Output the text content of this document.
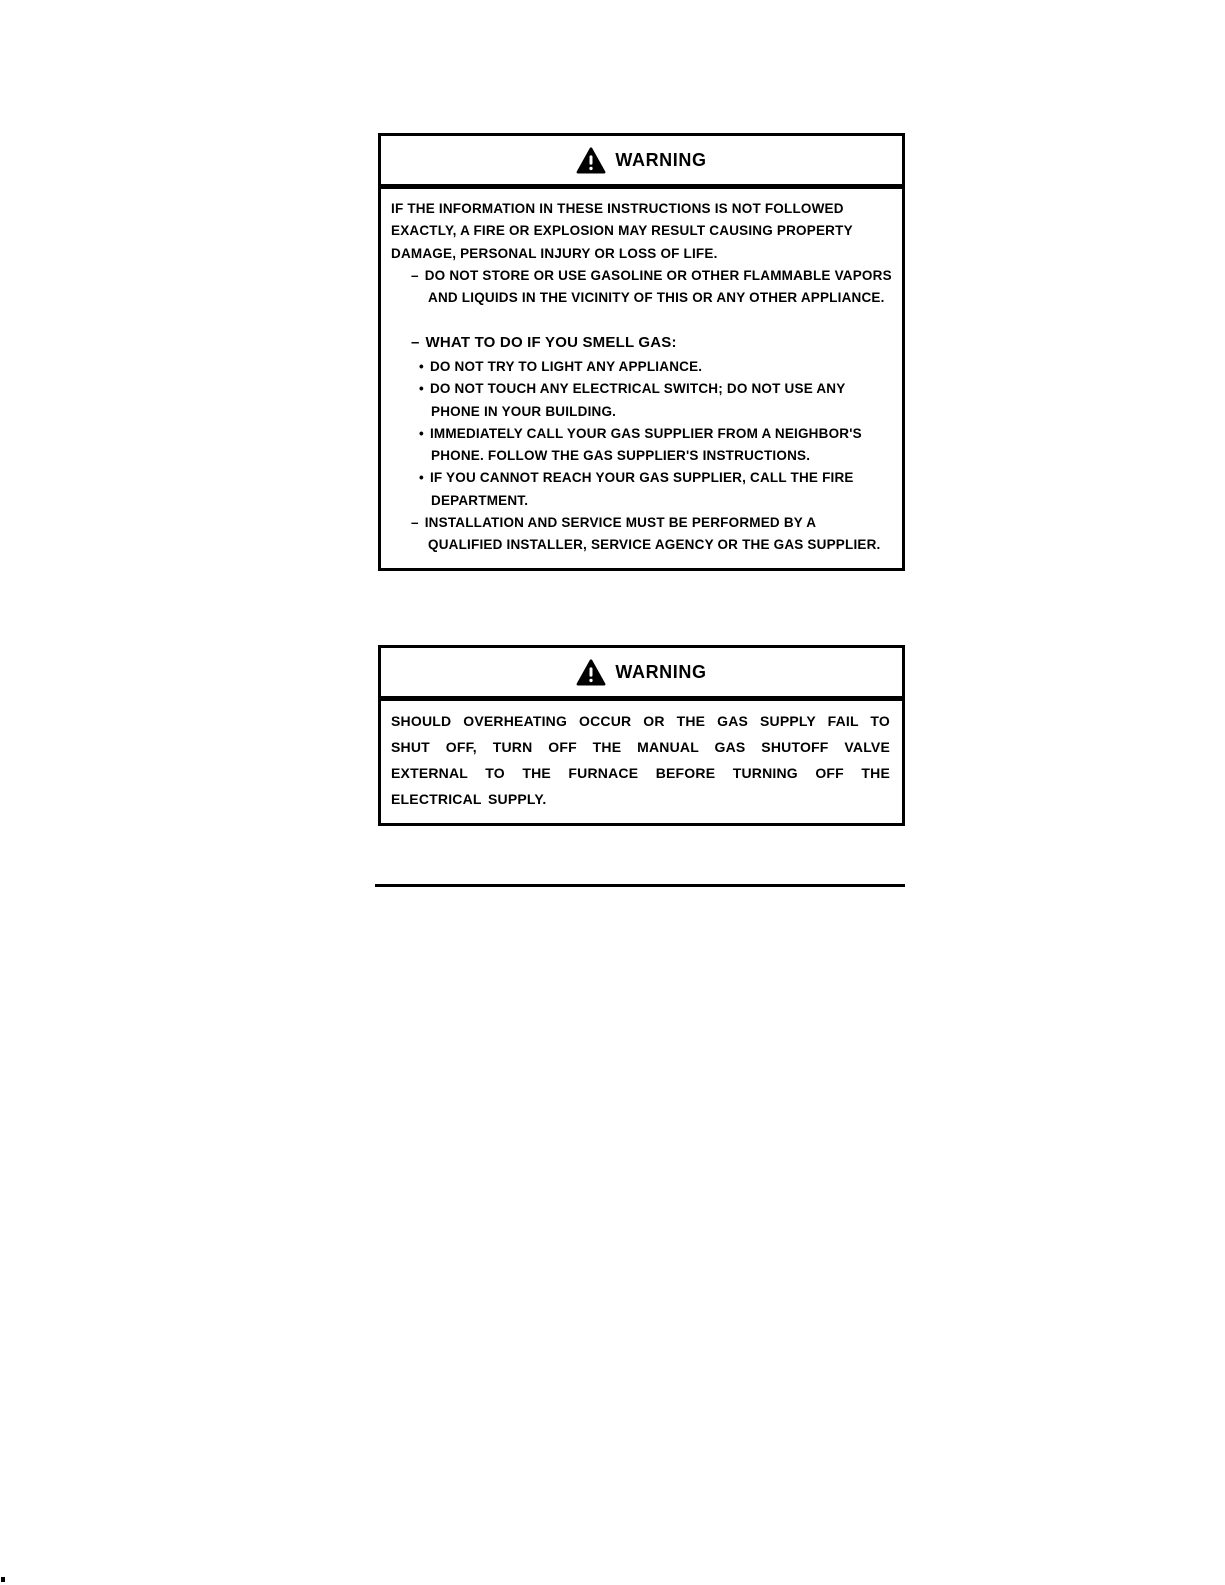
WARNING

IF THE INFORMATION IN THESE INSTRUCTIONS IS NOT FOLLOWED EXACTLY, A FIRE OR EXPLOSION MAY RESULT CAUSING PROPERTY DAMAGE, PERSONAL INJURY OR LOSS OF LIFE.

– DO NOT STORE OR USE GASOLINE OR OTHER FLAMMABLE VAPORS AND LIQUIDS IN THE VICINITY OF THIS OR ANY OTHER APPLIANCE.
– WHAT TO DO IF YOU SMELL GAS:
• DO NOT TRY TO LIGHT ANY APPLIANCE.
• DO NOT TOUCH ANY ELECTRICAL SWITCH; DO NOT USE ANY PHONE IN YOUR BUILDING.
• IMMEDIATELY CALL YOUR GAS SUPPLIER FROM A NEIGHBOR'S PHONE. FOLLOW THE GAS SUPPLIER'S INSTRUCTIONS.
• IF YOU CANNOT REACH YOUR GAS SUPPLIER, CALL THE FIRE DEPARTMENT.
– INSTALLATION AND SERVICE MUST BE PERFORMED BY A QUALIFIED INSTALLER, SERVICE AGENCY OR THE GAS SUPPLIER.
WARNING

SHOULD OVERHEATING OCCUR OR THE GAS SUPPLY FAIL TO SHUT OFF, TURN OFF THE MANUAL GAS SHUTOFF VALVE EXTERNAL TO THE FURNACE BEFORE TURNING OFF THE ELECTRICAL SUPPLY.
